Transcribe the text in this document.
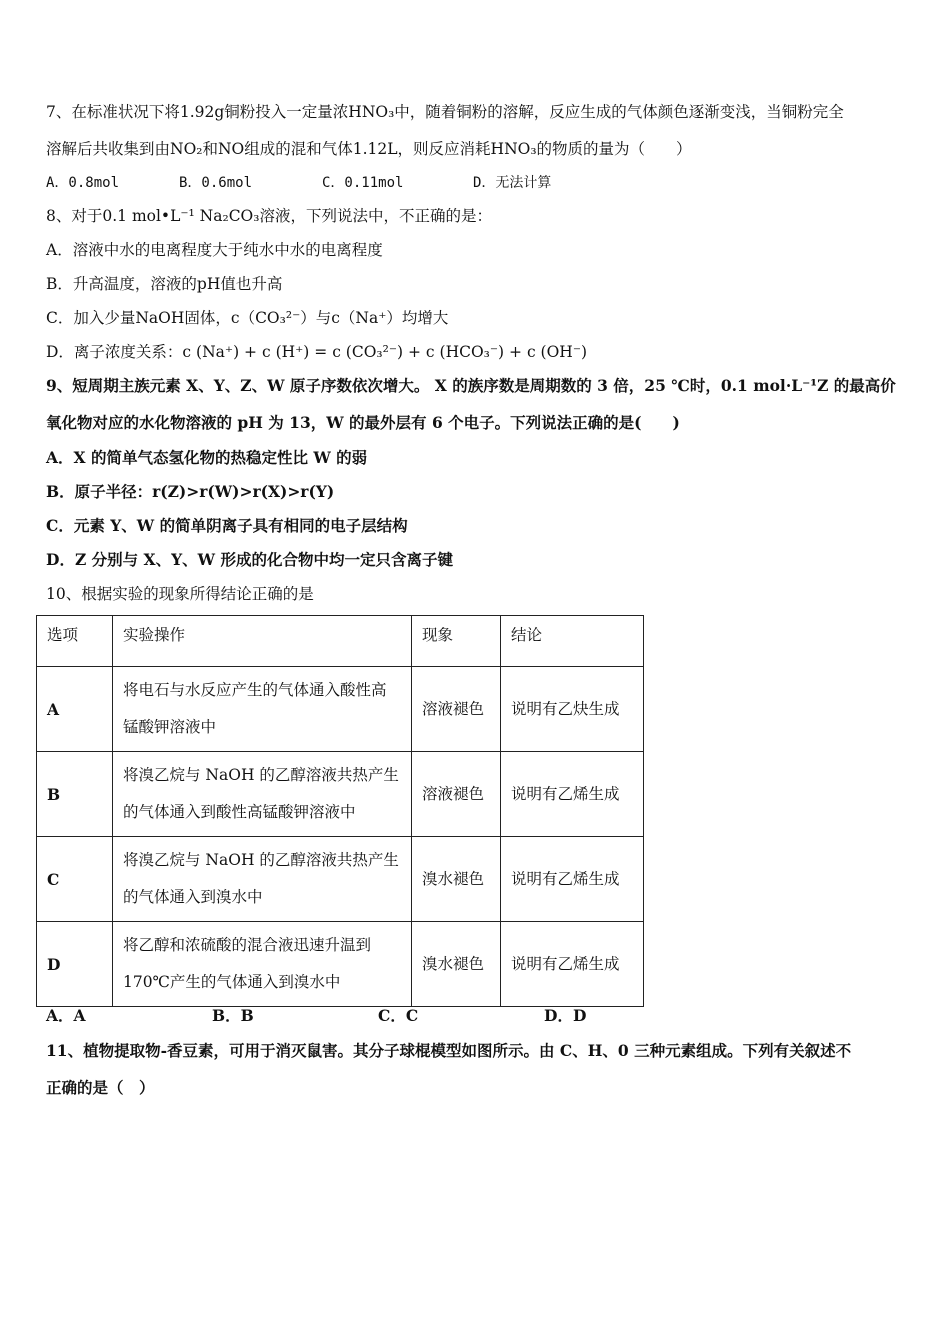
7、在标准状况下将1.92g铜粉投入一定量浓HNO₃中，随着铜粉的溶解，反应生成的气体颜色逐渐变浅，当铜粉完全
溶解后共收集到由NO₂和NO组成的混和气体1.12L，则反应消耗HNO₃的物质的量为（　　）
A．0.8mol	B．0.6mol	C．0.11mol	D．无法计算
8、对于0.1 mol•L⁻¹ Na₂CO₃溶液，下列说法中，不正确的是：
A．溶液中水的电离程度大于纯水中水的电离程度
B．升高温度，溶液的pH值也升高
C．加入少量NaOH固体，c（CO₃²⁻）与c（Na⁺）均增大
D．离子浓度关系：c (Na⁺) + c (H⁺) = c (CO₃²⁻) + c (HCO₃⁻) + c (OH⁻)
9、短周期主族元素 X、Y、Z、W 原子序数依次增大。 X 的族序数是周期数的 3 倍，25 ℃时，0.1 mol·L⁻¹Z 的最高价
氧化物对应的水化物溶液的 pH 为 13，W 的最外层有 6 个电子。下列说法正确的是(　　)
A．X 的简单气态氢化物的热稳定性比 W 的弱
B．原子半径：r(Z)>r(W)>r(X)>r(Y)
C．元素 Y、W 的简单阴离子具有相同的电子层结构
D．Z 分别与 X、Y、W 形成的化合物中均一定只含离子键
10、根据实验的现象所得结论正确的是
选项	实验操作	现象	结论
A	将电石与水反应产生的气体通入酸性高锰酸钾溶液中	溶液褪色	说明有乙炔生成
B	将溴乙烷与 NaOH 的乙醇溶液共热产生的气体通入到酸性高锰酸钾溶液中	溶液褪色	说明有乙烯生成
C	将溴乙烷与 NaOH 的乙醇溶液共热产生的气体通入到溴水中	溴水褪色	说明有乙烯生成
D	将乙醇和浓硫酸的混合液迅速升温到 170℃产生的气体通入到溴水中	溴水褪色	说明有乙烯生成
A．A	B．B	C．C	D．D
11、植物提取物-香豆素，可用于消灭鼠害。其分子球棍模型如图所示。由 C、H、0 三种元素组成。下列有关叙述不
正确的是（　）
